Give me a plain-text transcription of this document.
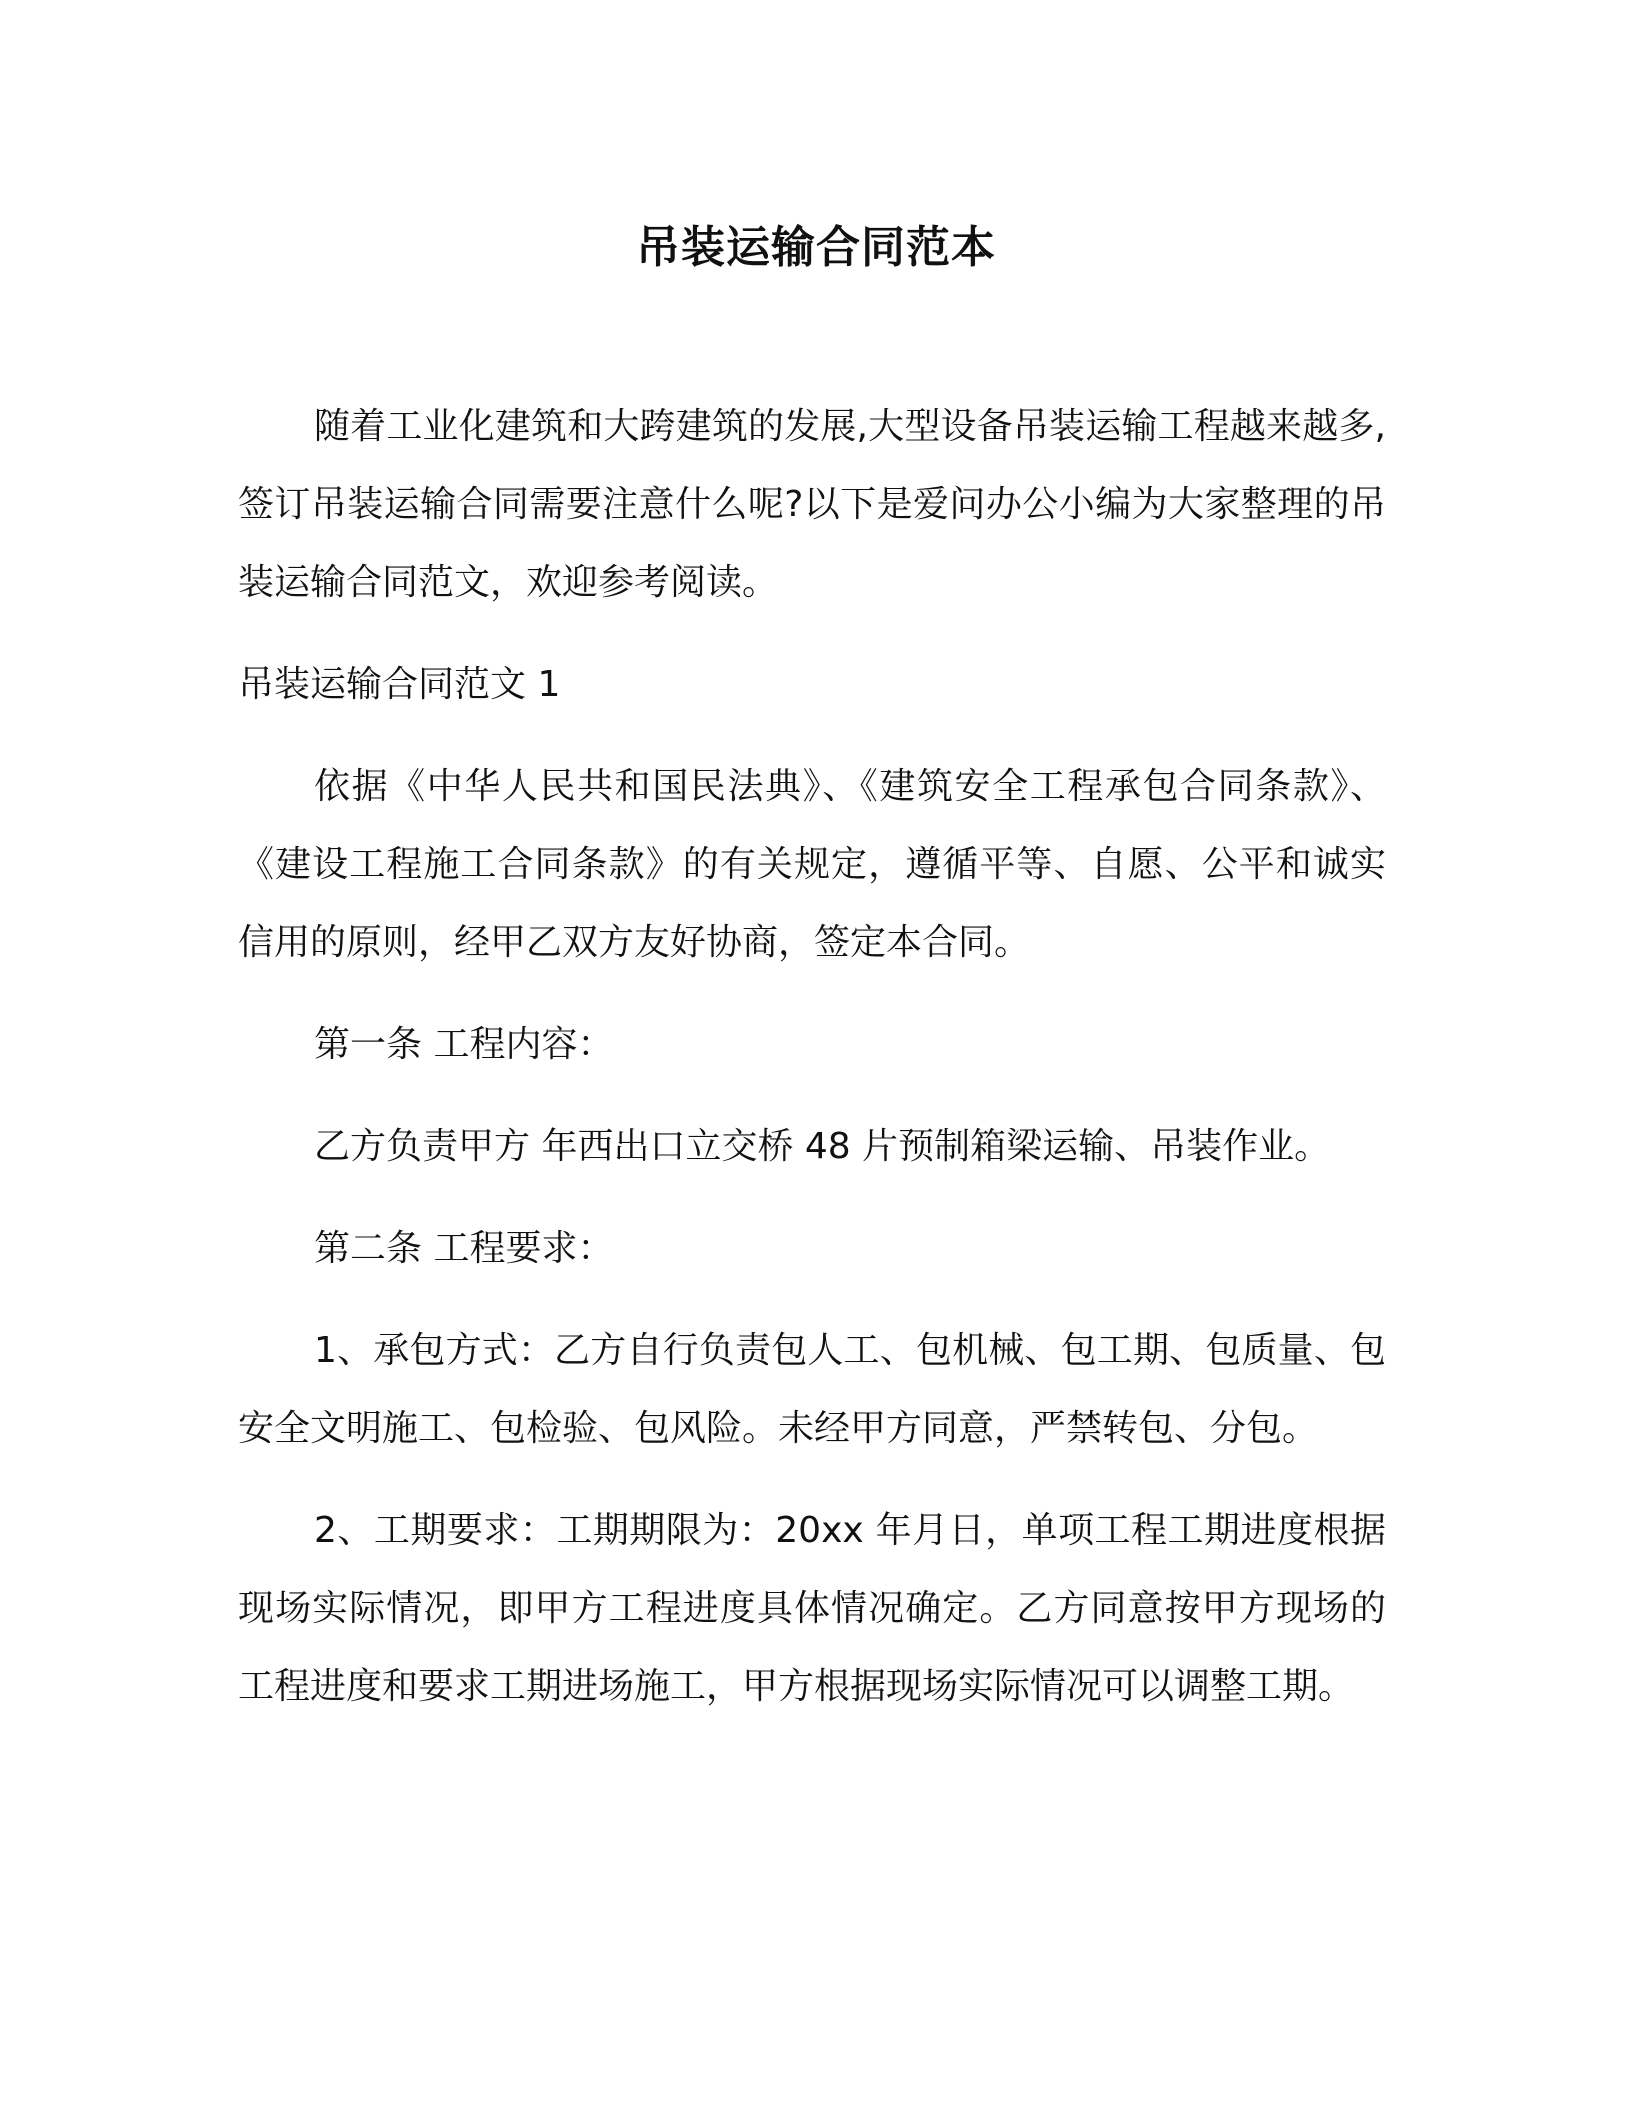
吊装运输合同范本

随着工业化建筑和大跨建筑的发展,大型设备吊装运输工程越来越多,签订吊装运输合同需要注意什么呢?以下是爱问办公小编为大家整理的吊装运输合同范文，欢迎参考阅读。

吊装运输合同范文 1

依据《中华人民共和国民法典》、《建筑安全工程承包合同条款》、《建设工程施工合同条款》的有关规定，遵循平等、自愿、公平和诚实信用的原则，经甲乙双方友好协商，签定本合同。

第一条 工程内容：

乙方负责甲方 年西出口立交桥 48 片预制箱梁运输、吊装作业。

第二条 工程要求：

1、承包方式：乙方自行负责包人工、包机械、包工期、包质量、包安全文明施工、包检验、包风险。未经甲方同意，严禁转包、分包。

2、工期要求：工期期限为：20xx 年月日，单项工程工期进度根据现场实际情况，即甲方工程进度具体情况确定。乙方同意按甲方现场的工程进度和要求工期进场施工，甲方根据现场实际情况可以调整工期。
